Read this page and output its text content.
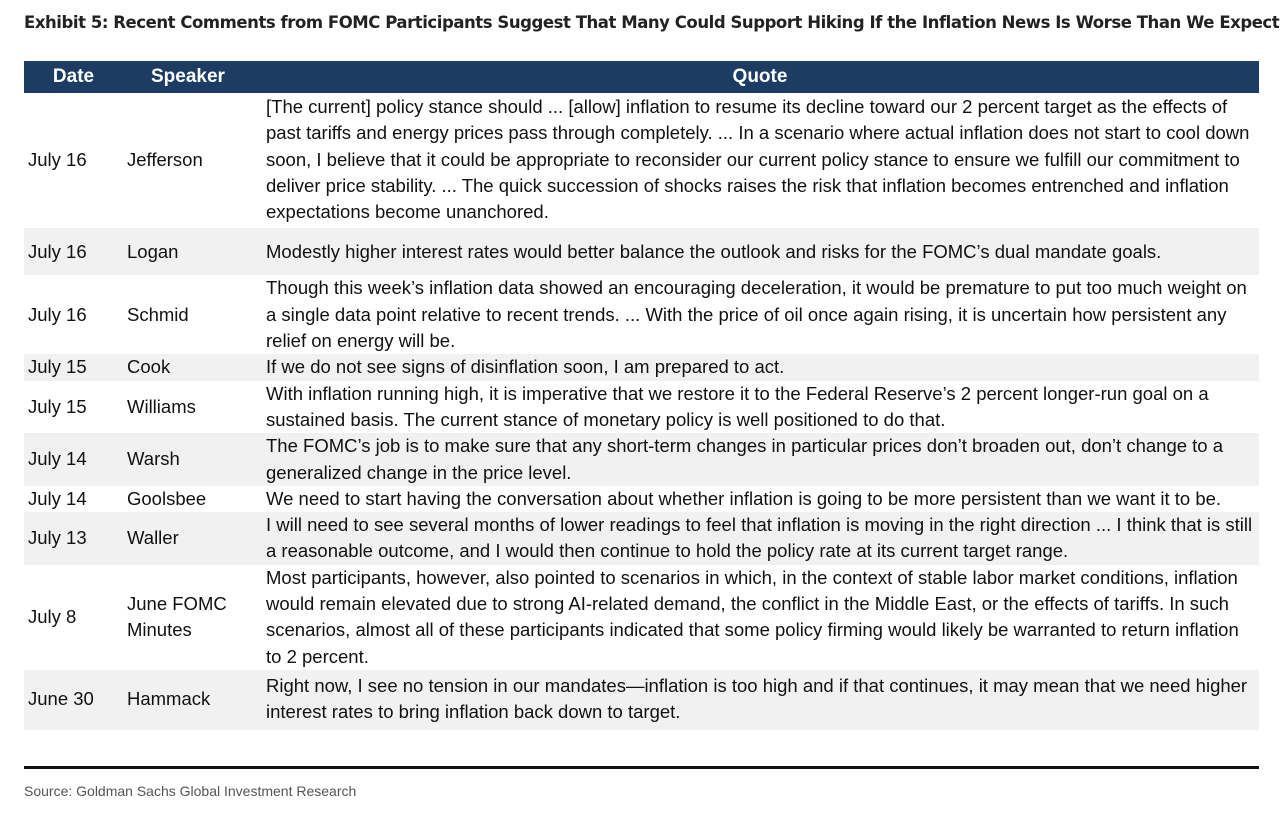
Exhibit 5: Recent Comments from FOMC Participants Suggest That Many Could Support Hiking If the Inflation News Is Worse Than We Expect
Date	Speaker	Quote
July 16	Jefferson	[The current] policy stance should ... [allow] inflation to resume its decline toward our 2 percent target as the effects of past tariffs and energy prices pass through completely. ... In a scenario where actual inflation does not start to cool down soon, I believe that it could be appropriate to reconsider our current policy stance to ensure we fulfill our commitment to deliver price stability. ... The quick succession of shocks raises the risk that inflation becomes entrenched and inflation expectations become unanchored.
July 16	Logan	Modestly higher interest rates would better balance the outlook and risks for the FOMC’s dual mandate goals.
July 16	Schmid	Though this week’s inflation data showed an encouraging deceleration, it would be premature to put too much weight on a single data point relative to recent trends. ... With the price of oil once again rising, it is uncertain how persistent any relief on energy will be.
July 15	Cook	If we do not see signs of disinflation soon, I am prepared to act.
July 15	Williams	With inflation running high, it is imperative that we restore it to the Federal Reserve’s 2 percent longer-run goal on a sustained basis. The current stance of monetary policy is well positioned to do that.
July 14	Warsh	The FOMC’s job is to make sure that any short-term changes in particular prices don’t broaden out, don’t change to a generalized change in the price level.
July 14	Goolsbee	We need to start having the conversation about whether inflation is going to be more persistent than we want it to be.
July 13	Waller	I will need to see several months of lower readings to feel that inflation is moving in the right direction ... I think that is still a reasonable outcome, and I would then continue to hold the policy rate at its current target range.
July 8	June FOMC Minutes	Most participants, however, also pointed to scenarios in which, in the context of stable labor market conditions, inflation would remain elevated due to strong AI-related demand, the conflict in the Middle East, or the effects of tariffs. In such scenarios, almost all of these participants indicated that some policy firming would likely be warranted to return inflation to 2 percent.
June 30	Hammack	Right now, I see no tension in our mandates—inflation is too high and if that continues, it may mean that we need higher interest rates to bring inflation back down to target.
Source: Goldman Sachs Global Investment Research
